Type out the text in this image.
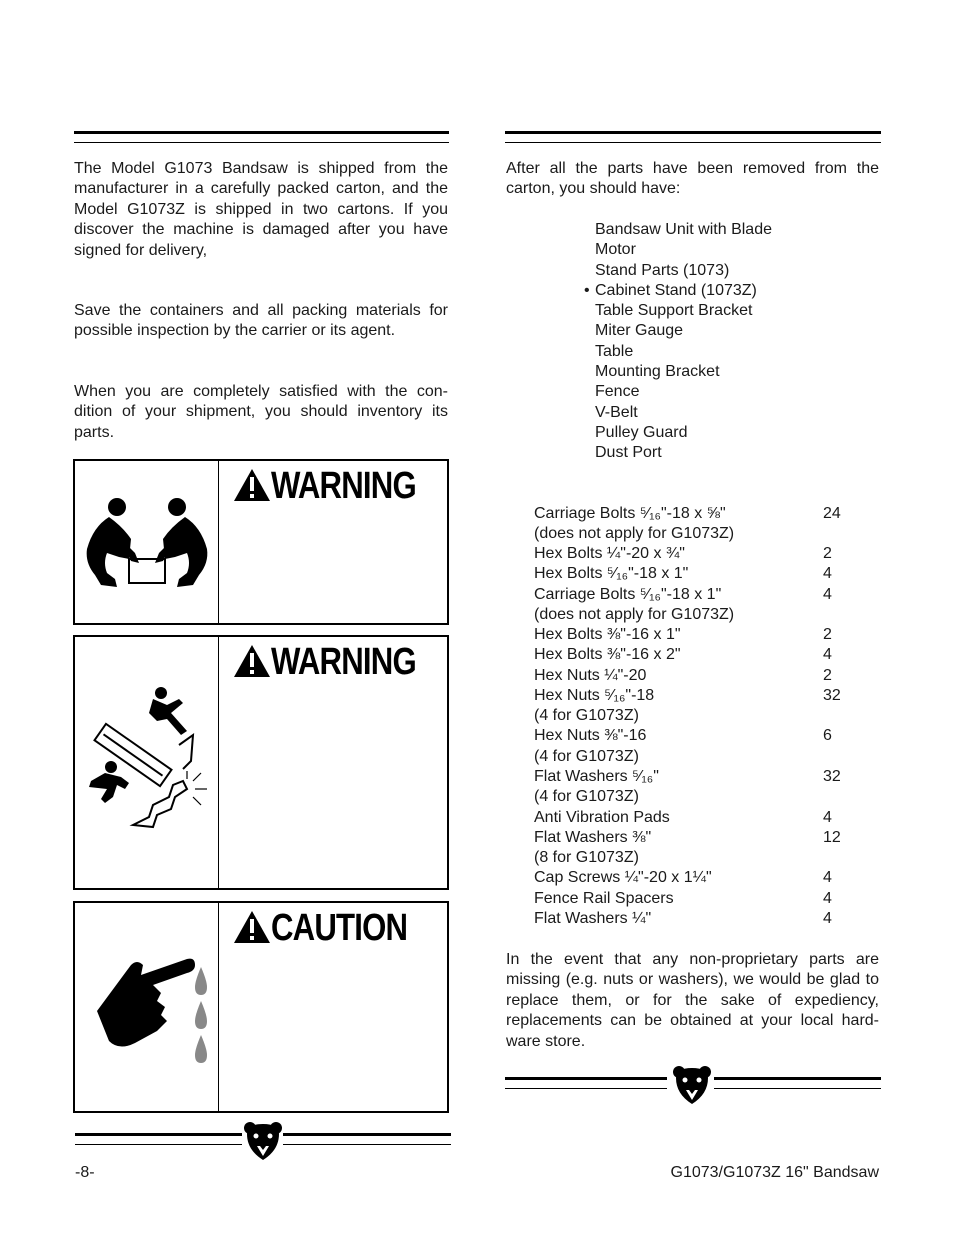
The Model G1073 Bandsaw is shipped from the manufacturer in a carefully packed carton, and the Model G1073Z is shipped in two cartons. If you discover the machine is damaged after you have signed for delivery,

Save the containers and all packing materials for possible inspection by the carrier or its agent.

When you are completely satisfied with the con-dition of your shipment, you should inventory its parts.

WARNING
WARNING
CAUTION

After all the parts have been removed from the carton, you should have:

Bandsaw Unit with Blade
Motor
Stand Parts (1073)
• Cabinet Stand (1073Z)
Table Support Bracket
Miter Gauge
Table
Mounting Bracket
Fence
V-Belt
Pulley Guard
Dust Port
Carriage Bolts ⁵⁄₁₆"-18 x ⅝"	24
(does not apply for G1073Z)
Hex Bolts ¼"-20 x ¾"	2
Hex Bolts ⁵⁄₁₆"-18 x 1"	4
Carriage Bolts ⁵⁄₁₆"-18 x 1"	4
(does not apply for G1073Z)
Hex Bolts ⅜"-16 x 1"	2
Hex Bolts ⅜"-16 x 2"	4
Hex Nuts ¼"-20	2
Hex Nuts ⁵⁄₁₆"-18	32
(4 for G1073Z)
Hex Nuts ⅜"-16	6
(4 for G1073Z)
Flat Washers ⁵⁄₁₆"	32
(4 for G1073Z)
Anti Vibration Pads	4
Flat Washers ⅜"	12
(8 for G1073Z)
Cap Screws ¼"-20 x 1¼"	4
Fence Rail Spacers	4
Flat Washers ¼"	4

In the event that any non-proprietary parts are missing (e.g. nuts or washers), we would be glad to replace them, or for the sake of expediency, replacements can be obtained at your local hard-ware store.

-8-	G1073/G1073Z 16" Bandsaw
